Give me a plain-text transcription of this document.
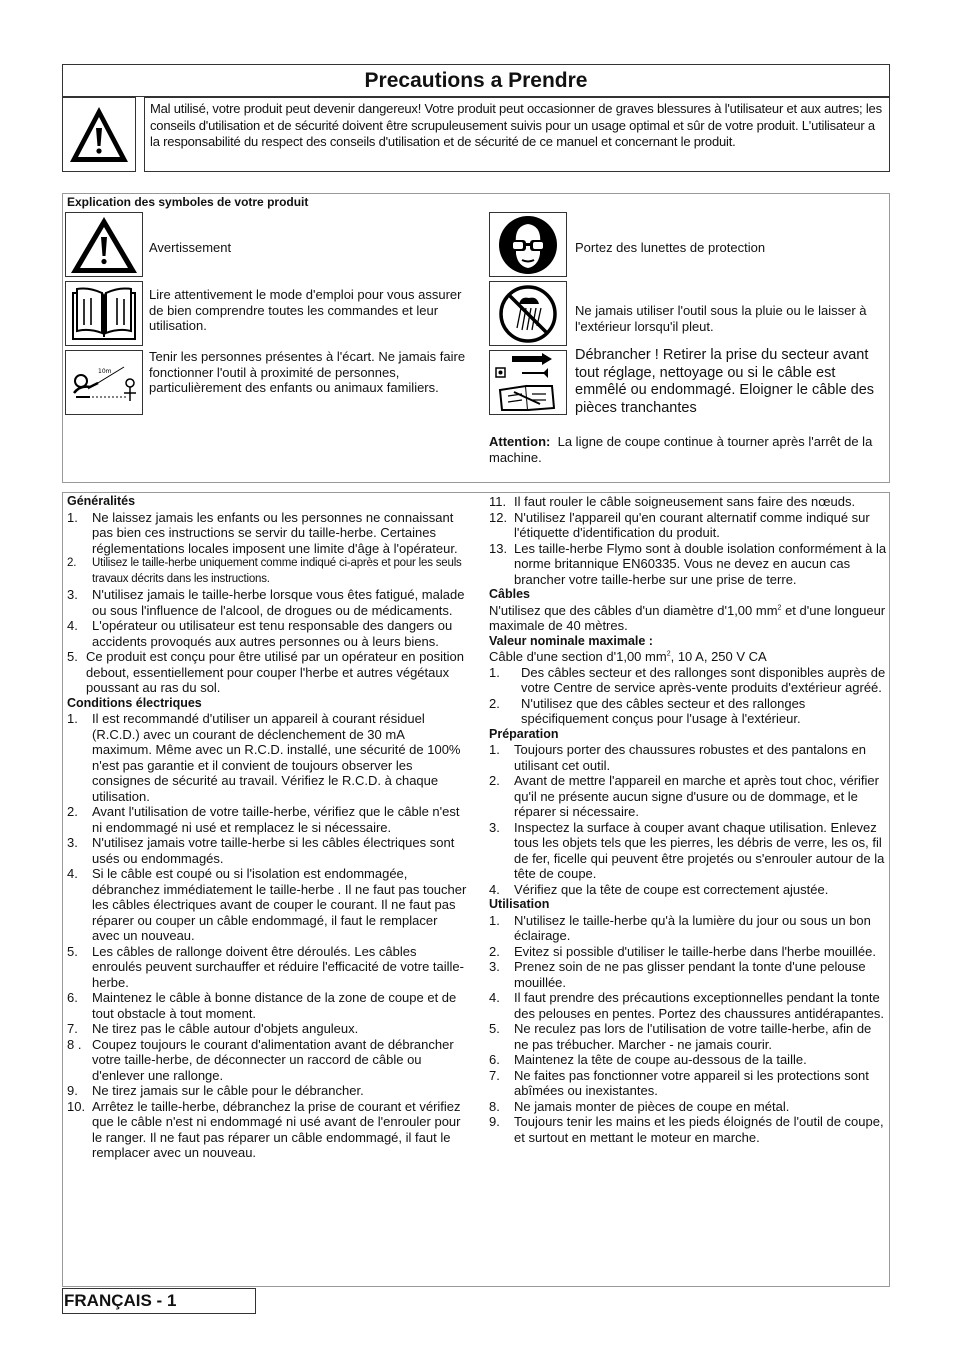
Precautions a Prendre
Mal utilisé, votre produit peut devenir dangereux! Votre produit peut occasionner de graves blessures à l'utilisateur et aux autres; les conseils d'utilisation et de sécurité doivent être scrupuleusement suivis pour un usage optimal et sûr de votre produit. L'utilisateur a la responsabilité du respect des conseils d'utilisation et de sécurité de ce manuel et concernant le produit.
Explication des symboles de votre produit
Avertissement
Lire attentivement le mode d'emploi pour vous assurer de bien comprendre toutes les commandes et leur utilisation.
10m
Tenir les personnes présentes à l'écart. Ne jamais faire fonctionner l'outil à proximité de personnes, particulièrement des enfants ou animaux familiers.
Portez des lunettes de protection
Ne jamais utiliser l'outil sous la pluie ou le laisser à l'extérieur lorsqu'il pleut.
Débrancher ! Retirer la prise du secteur avant tout réglage, nettoyage ou si le câble est emmêlé ou endommagé. Eloigner le câble des pièces tranchantes
Attention: La ligne de coupe continue à tourner après l'arrêt de la machine.
Généralités
1.	Ne laissez jamais les enfants ou les personnes ne connaissant pas bien ces instructions se servir du taille-herbe. Certaines réglementations locales imposent une limite d'âge à l'opérateur.
2.	Utilisez le taille-herbe uniquement comme indiqué ci-après et pour les seuls travaux décrits dans les instructions.
3.	N'utilisez jamais le taille-herbe lorsque vous êtes fatigué, malade ou sous l'influence de l'alcool, de drogues ou de médicaments.
4.	L'opérateur ou utilisateur est tenu responsable des dangers ou accidents provoqués aux autres personnes ou à leurs biens.
5. Ce produit est conçu pour être utilisé par un opérateur en position debout, essentiellement pour couper l'herbe et autres végétaux poussant au ras du sol.
Conditions électriques
1.	Il est recommandé d'utiliser un appareil à courant résiduel (R.C.D.) avec un courant de déclenchement de 30 mA maximum. Même avec un R.C.D. installé, une sécurité de 100% n'est pas garantie et il convient de toujours observer les consignes de sécurité au travail. Vérifiez le R.C.D. à chaque utilisation.
2.	Avant l'utilisation de votre taille-herbe, vérifiez que le câble n'est ni endommagé ni usé et remplacez le si nécessaire.
3.	N'utilisez jamais votre taille-herbe si les câbles électriques sont usés ou endommagés.
4.	Si le câble est coupé ou si l'isolation est endommagée, débranchez immédiatement le taille-herbe . Il ne faut pas toucher les câbles électriques avant de couper le courant. Il ne faut pas réparer ou couper un câble endommagé, il faut le remplacer avec un nouveau.
5.	Les câbles de rallonge doivent être déroulés. Les câbles enroulés peuvent surchauffer et réduire l'efficacité de votre taille-herbe.
6.	Maintenez le câble à bonne distance de la zone de coupe et de tout obstacle à tout moment.
7.	Ne tirez pas le câble autour d'objets anguleux.
8 . Coupez toujours le courant d'alimentation avant de débrancher votre taille-herbe, de déconnecter un raccord de câble ou d'enlever une rallonge.
9.	Ne tirez jamais sur le câble pour le débrancher.
10. Arrêtez le taille-herbe, débranchez la prise de courant et vérifiez que le câble n'est ni endommagé ni usé avant de l'enrouler pour le ranger. Il ne faut pas réparer un câble endommagé, il faut le remplacer avec un nouveau.
11. Il faut rouler le câble soigneusement sans faire des nœuds.
12. N'utilisez l'appareil qu'en courant alternatif comme indiqué sur l'étiquette d'identification du produit.
13. Les taille-herbe Flymo sont à double isolation conformément à la norme britannique EN60335. Vous ne devez en aucun cas brancher votre taille-herbe sur une prise de terre.
Câbles
N'utilisez que des câbles d'un diamètre d'1,00 $mm^2$ et d'une longueur maximale de 40 mètres.
Valeur nominale maximale :
Câble d'une section d'1,00 $mm^2$, 10 A, 250 V CA
1.	Des câbles secteur et des rallonges sont disponibles auprès de votre Centre de service après-vente produits d'extérieur agréé.
2.	N'utilisez que des câbles secteur et des rallonges spécifiquement conçus pour l'usage à l'extérieur.
Préparation
1.	Toujours porter des chaussures robustes et des pantalons en utilisant cet outil.
2.	Avant de mettre l'appareil en marche et après tout choc, vérifier qu'il ne présente aucun signe d'usure ou de dommage, et le réparer si nécessaire.
3.	Inspectez la surface à couper avant chaque utilisation. Enlevez tous les objets tels que les pierres, les débris de verre, les os, fil de fer, ficelle qui peuvent être projetés ou s'enrouler autour de la tête de coupe.
4.	Vérifiez que la tête de coupe est correctement ajustée.
Utilisation
1.	N'utilisez le taille-herbe qu'à la lumière du jour ou sous un bon éclairage.
2.	Evitez si possible d'utiliser le taille-herbe dans l'herbe mouillée.
3.	Prenez soin de ne pas glisser pendant la tonte d'une pelouse mouillée.
4.	Il faut prendre des précautions exceptionnelles pendant la tonte des pelouses en pentes. Portez des chaussures antidérapantes.
5.	Ne reculez pas lors de l'utilisation de votre taille-herbe, afin de ne pas trébucher. Marcher - ne jamais courir.
6.	Maintenez la tête de coupe au-dessous de la taille.
7.	Ne faites pas fonctionner votre appareil si les protections sont abîmées ou inexistantes.
8.	Ne jamais monter de pièces de coupe en métal.
9.	Toujours tenir les mains et les pieds éloignés de l'outil de coupe, et surtout en mettant le moteur en marche.
FRANÇAIS - 1
